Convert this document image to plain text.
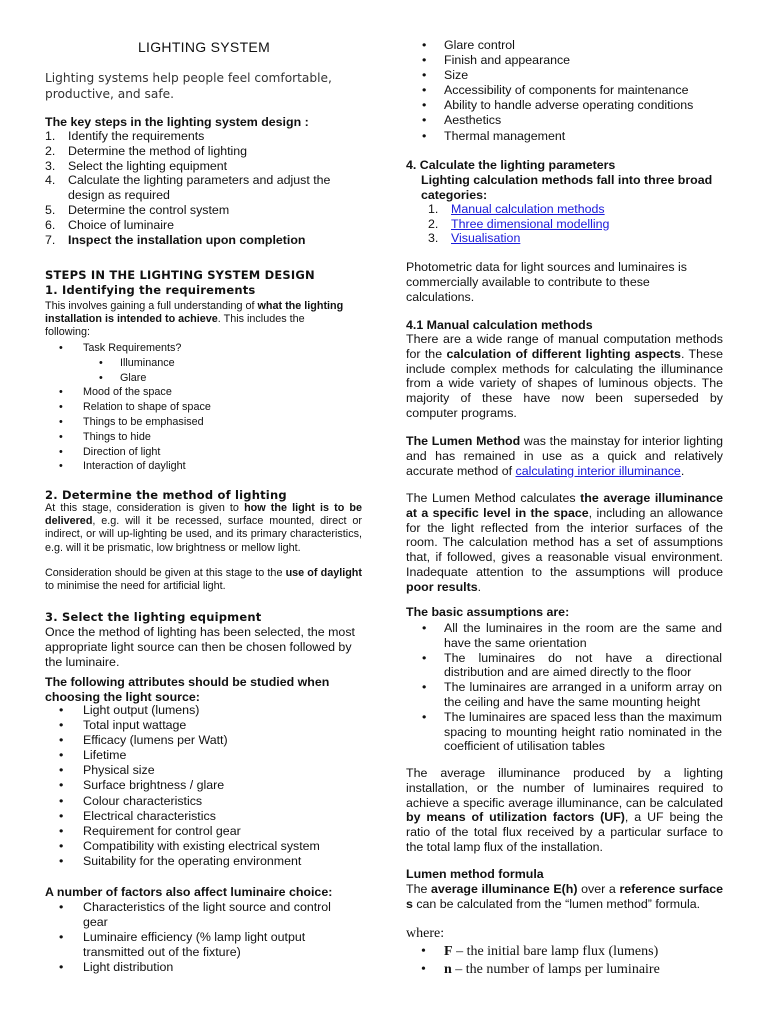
LIGHTING SYSTEM

Lighting systems help people feel comfortable, productive, and safe.

The key steps in the lighting system design :

1. Identify the requirements
2. Determine the method of lighting
3. Select the lighting equipment
4. Calculate the lighting parameters and adjust the design as required
5. Determine the control system
6. Choice of luminaire
7. Inspect the installation upon completion

STEPS IN THE LIGHTING SYSTEM DESIGN

1. Identifying the requirements

This involves gaining a full understanding of what the lighting installation is intended to achieve. This includes the following:

• Task Requirements?
• Illuminance
• Glare
• Mood of the space
• Relation to shape of space
• Things to be emphasised
• Things to hide
• Direction of light
• Interaction of daylight

2. Determine the method of lighting

At this stage, consideration is given to how the light is to be delivered, e.g. will it be recessed, surface mounted, direct or indirect, or will up-lighting be used, and its primary characteristics, e.g. will it be prismatic, low brightness or mellow light.

Consideration should be given at this stage to the use of daylight to minimise the need for artificial light.

3. Select the lighting equipment

Once the method of lighting has been selected, the most appropriate light source can then be chosen followed by the luminaire.

The following attributes should be studied when choosing the light source:

• Light output (lumens)
• Total input wattage
• Efficacy (lumens per Watt)
• Lifetime
• Physical size
• Surface brightness / glare
• Colour characteristics
• Electrical characteristics
• Requirement for control gear
• Compatibility with existing electrical system
• Suitability for the operating environment

A number of factors also affect luminaire choice:

• Characteristics of the light source and control gear
• Luminaire efficiency (% lamp light output transmitted out of the fixture)
• Light distribution
• Glare control
• Finish and appearance
• Size
• Accessibility of components for maintenance
• Ability to handle adverse operating conditions
• Aesthetics
• Thermal management

4. Calculate the lighting parameters

Lighting calculation methods fall into three broad categories:

1. Manual calculation methods
2. Three dimensional modelling
3. Visualisation

Photometric data for light sources and luminaires is commercially available to contribute to these calculations.

4.1 Manual calculation methods

There are a wide range of manual computation methods for the calculation of different lighting aspects. These include complex methods for calculating the illuminance from a wide variety of shapes of luminous objects. The majority of these have now been superseded by computer programs.

The Lumen Method was the mainstay for interior lighting and has remained in use as a quick and relatively accurate method of calculating interior illuminance.

The Lumen Method calculates the average illuminance at a specific level in the space, including an allowance for the light reflected from the interior surfaces of the room. The calculation method has a set of assumptions that, if followed, gives a reasonable visual environment. Inadequate attention to the assumptions will produce poor results.

The basic assumptions are:

• All the luminaires in the room are the same and have the same orientation
• The luminaires do not have a directional distribution and are aimed directly to the floor
• The luminaires are arranged in a uniform array on the ceiling and have the same mounting height
• The luminaires are spaced less than the maximum spacing to mounting height ratio nominated in the coefficient of utilisation tables

The average illuminance produced by a lighting installation, or the number of luminaires required to achieve a specific average illuminance, can be calculated by means of utilization factors (UF), a UF being the ratio of the total flux received by a particular surface to the total lamp flux of the installation.

Lumen method formula

The average illuminance E(h) over a reference surface s can be calculated from the “lumen method” formula.

where:

• F – the initial bare lamp flux (lumens)
• n – the number of lamps per luminaire
